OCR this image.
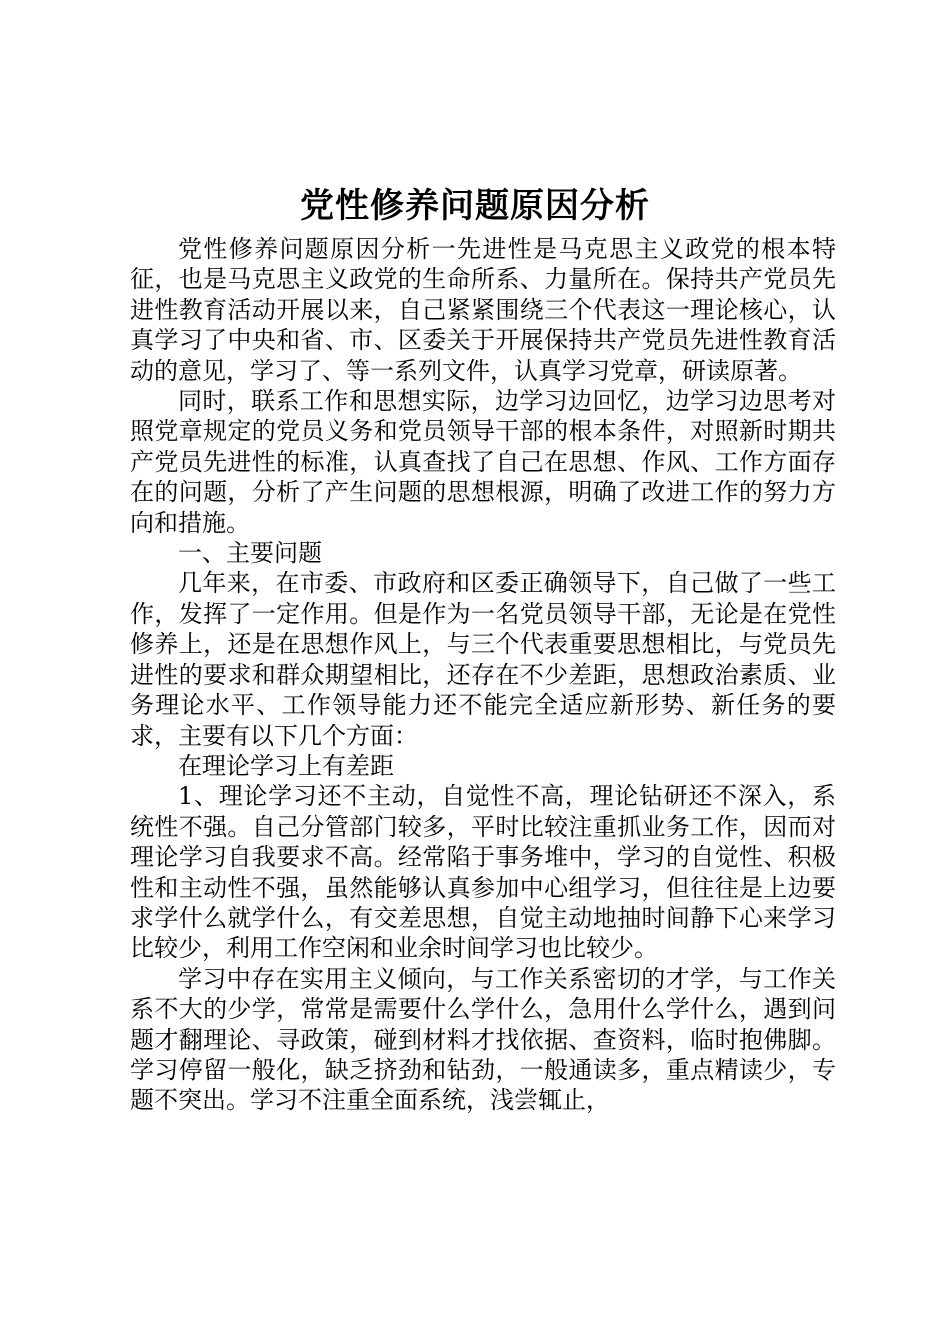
党性修养问题原因分析

党性修养问题原因分析一先进性是马克思主义政党的根本特征，也是马克思主义政党的生命所系、力量所在。保持共产党员先进性教育活动开展以来，自己紧紧围绕三个代表这一理论核心，认真学习了中央和省、市、区委关于开展保持共产党员先进性教育活动的意见，学习了、等一系列文件，认真学习党章，研读原著。

同时，联系工作和思想实际，边学习边回忆，边学习边思考对照党章规定的党员义务和党员领导干部的根本条件，对照新时期共产党员先进性的标准，认真查找了自己在思想、作风、工作方面存在的问题，分析了产生问题的思想根源，明确了改进工作的努力方向和措施。

一、主要问题

几年来，在市委、市政府和区委正确领导下，自己做了一些工作，发挥了一定作用。但是作为一名党员领导干部，无论是在党性修养上，还是在思想作风上，与三个代表重要思想相比，与党员先进性的要求和群众期望相比，还存在不少差距，思想政治素质、业务理论水平、工作领导能力还不能完全适应新形势、新任务的要求，主要有以下几个方面：

在理论学习上有差距

1、理论学习还不主动，自觉性不高，理论钻研还不深入，系统性不强。自己分管部门较多，平时比较注重抓业务工作，因而对理论学习自我要求不高。经常陷于事务堆中，学习的自觉性、积极性和主动性不强，虽然能够认真参加中心组学习，但往往是上边要求学什么就学什么，有交差思想，自觉主动地抽时间静下心来学习比较少，利用工作空闲和业余时间学习也比较少。

学习中存在实用主义倾向，与工作关系密切的才学，与工作关系不大的少学，常常是需要什么学什么，急用什么学什么，遇到问题才翻理论、寻政策，碰到材料才找依据、查资料，临时抱佛脚。学习停留一般化，缺乏挤劲和钻劲，一般通读多，重点精读少，专题不突出。学习不注重全面系统，浅尝辄止，
